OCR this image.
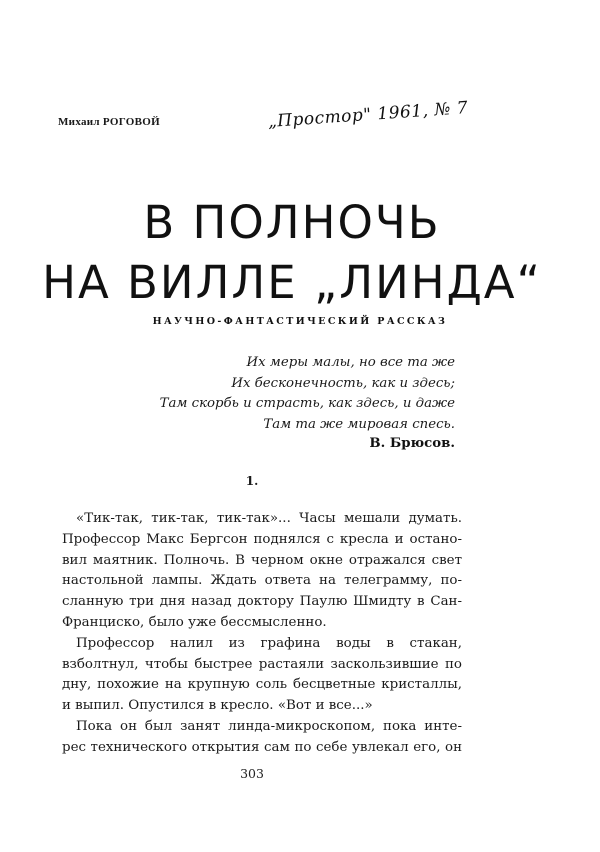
Михаил РОГОВОЙ	„Простор" 1961, № 7
В ПОЛНОЧЬ
НА ВИЛЛЕ „ЛИНДА“
НАУЧНО-ФАНТАСТИЧЕСКИЙ РАССКАЗ
Их меры малы, но все та же
Их бесконечность, как и здесь;
Там скорбь и страсть, как здесь, и даже
Там та же мировая спесь.
В. Брюсов.
1.
«Тик-так, тик-так, тик-так»... Часы мешали думать.
Профессор Макс Бергсон поднялся с кресла и остано-
вил маятник. Полночь. В черном окне отражался свет
настольной лампы. Ждать ответа на телеграмму, по-
сланную три дня назад доктору Паулю Шмидту в Сан-
Франциско, было уже бессмысленно.
Профессор налил из графина воды в стакан,
взболтнул, чтобы быстрее растаяли заскользившие по
дну, похожие на крупную соль бесцветные кристаллы,
и выпил. Опустился в кресло. «Вот и все...»
Пока он был занят линда-микроскопом, пока инте-
рес технического открытия сам по себе увлекал его, он
303
